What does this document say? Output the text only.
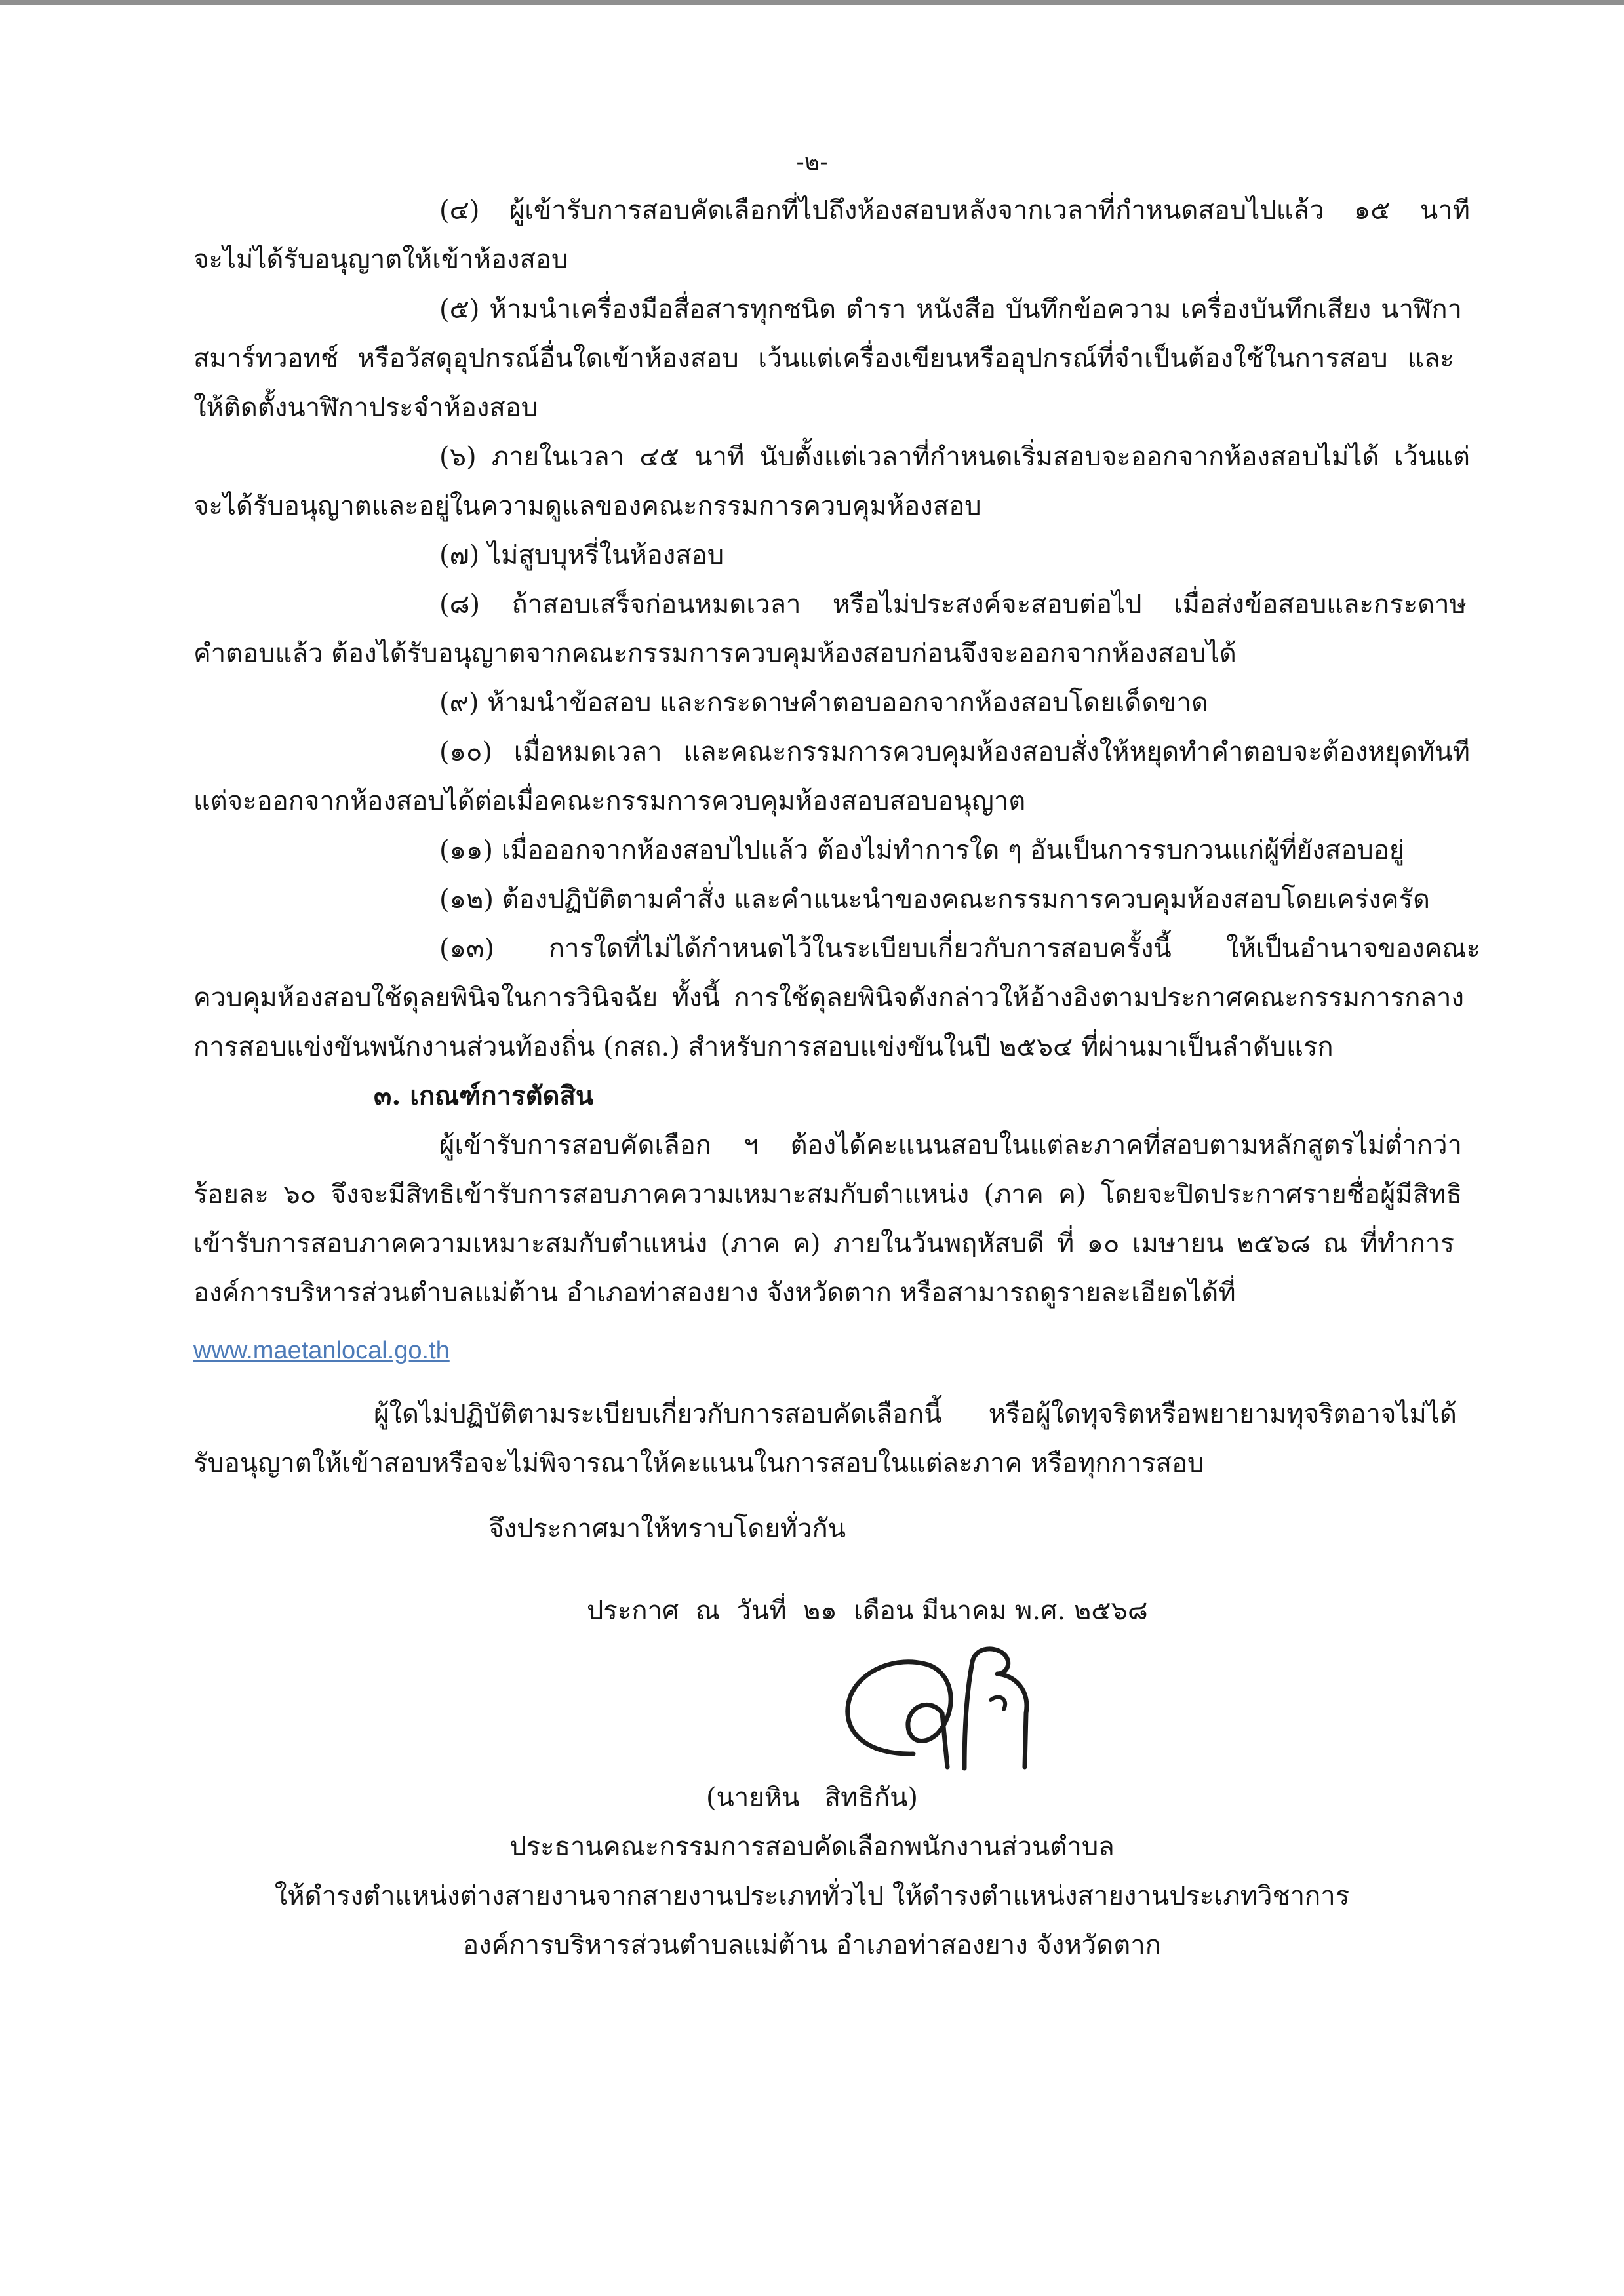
-๒-
(๔) ผู้เข้ารับการสอบคัดเลือกที่ไปถึงห้องสอบหลังจากเวลาที่กำหนดสอบไปแล้ว ๑๕ นาที
จะไม่ได้รับอนุญาตให้เข้าห้องสอบ
(๕) ห้ามนำเครื่องมือสื่อสารทุกชนิด ตำรา หนังสือ บันทึกข้อความ เครื่องบันทึกเสียง นาฬิกา
สมาร์ทวอทช์ หรือวัสดุอุปกรณ์อื่นใดเข้าห้องสอบ เว้นแต่เครื่องเขียนหรืออุปกรณ์ที่จำเป็นต้องใช้ในการสอบ และ
ให้ติดตั้งนาฬิกาประจำห้องสอบ
(๖) ภายในเวลา ๔๕ นาที นับตั้งแต่เวลาที่กำหนดเริ่มสอบจะออกจากห้องสอบไม่ได้ เว้นแต่
จะได้รับอนุญาตและอยู่ในความดูแลของคณะกรรมการควบคุมห้องสอบ
(๗) ไม่สูบบุหรี่ในห้องสอบ
(๘) ถ้าสอบเสร็จก่อนหมดเวลา หรือไม่ประสงค์จะสอบต่อไป เมื่อส่งข้อสอบและกระดาษ
คำตอบแล้ว ต้องได้รับอนุญาตจากคณะกรรมการควบคุมห้องสอบก่อนจึงจะออกจากห้องสอบได้
(๙) ห้ามนำข้อสอบ และกระดาษคำตอบออกจากห้องสอบโดยเด็ดขาด
(๑๐) เมื่อหมดเวลา และคณะกรรมการควบคุมห้องสอบสั่งให้หยุดทำคำตอบจะต้องหยุดทันที
แต่จะออกจากห้องสอบได้ต่อเมื่อคณะกรรมการควบคุมห้องสอบสอบอนุญาต
(๑๑) เมื่อออกจากห้องสอบไปแล้ว ต้องไม่ทำการใด ๆ อันเป็นการรบกวนแก่ผู้ที่ยังสอบอยู่
(๑๒) ต้องปฏิบัติตามคำสั่ง และคำแนะนำของคณะกรรมการควบคุมห้องสอบโดยเคร่งครัด
(๑๓) การใดที่ไม่ได้กำหนดไว้ในระเบียบเกี่ยวกับการสอบครั้งนี้ ให้เป็นอำนาจของคณะ
ควบคุมห้องสอบใช้ดุลยพินิจในการวินิจฉัย ทั้งนี้ การใช้ดุลยพินิจดังกล่าวให้อ้างอิงตามประกาศคณะกรรมการกลาง
การสอบแข่งขันพนักงานส่วนท้องถิ่น (กสถ.) สำหรับการสอบแข่งขันในปี ๒๕๖๔ ที่ผ่านมาเป็นลำดับแรก
๓. เกณฑ์การตัดสิน
ผู้เข้ารับการสอบคัดเลือก ฯ ต้องได้คะแนนสอบในแต่ละภาคที่สอบตามหลักสูตรไม่ต่ำกว่า
ร้อยละ ๖๐ จึงจะมีสิทธิเข้ารับการสอบภาคความเหมาะสมกับตำแหน่ง (ภาค ค) โดยจะปิดประกาศรายชื่อผู้มีสิทธิ
เข้ารับการสอบภาคความเหมาะสมกับตำแหน่ง (ภาค ค) ภายในวันพฤหัสบดี ที่ ๑๐ เมษายน ๒๕๖๘ ณ ที่ทำการ
องค์การบริหารส่วนตำบลแม่ต้าน อำเภอท่าสองยาง จังหวัดตาก หรือสามารถดูรายละเอียดได้ที่
www.maetanlocal.go.th
ผู้ใดไม่ปฏิบัติตามระเบียบเกี่ยวกับการสอบคัดเลือกนี้ หรือผู้ใดทุจริตหรือพยายามทุจริตอาจไม่ได้
รับอนุญาตให้เข้าสอบหรือจะไม่พิจารณาให้คะแนนในการสอบในแต่ละภาค หรือทุกการสอบ
จึงประกาศมาให้ทราบโดยทั่วกัน
ประกาศ  ณ  วันที่  ๒๑  เดือน มีนาคม พ.ศ. ๒๕๖๘
(นายหิน   สิทธิกัน)
ประธานคณะกรรมการสอบคัดเลือกพนักงานส่วนตำบล
ให้ดำรงตำแหน่งต่างสายงานจากสายงานประเภททั่วไป ให้ดำรงตำแหน่งสายงานประเภทวิชาการ
องค์การบริหารส่วนตำบลแม่ต้าน อำเภอท่าสองยาง จังหวัดตาก
